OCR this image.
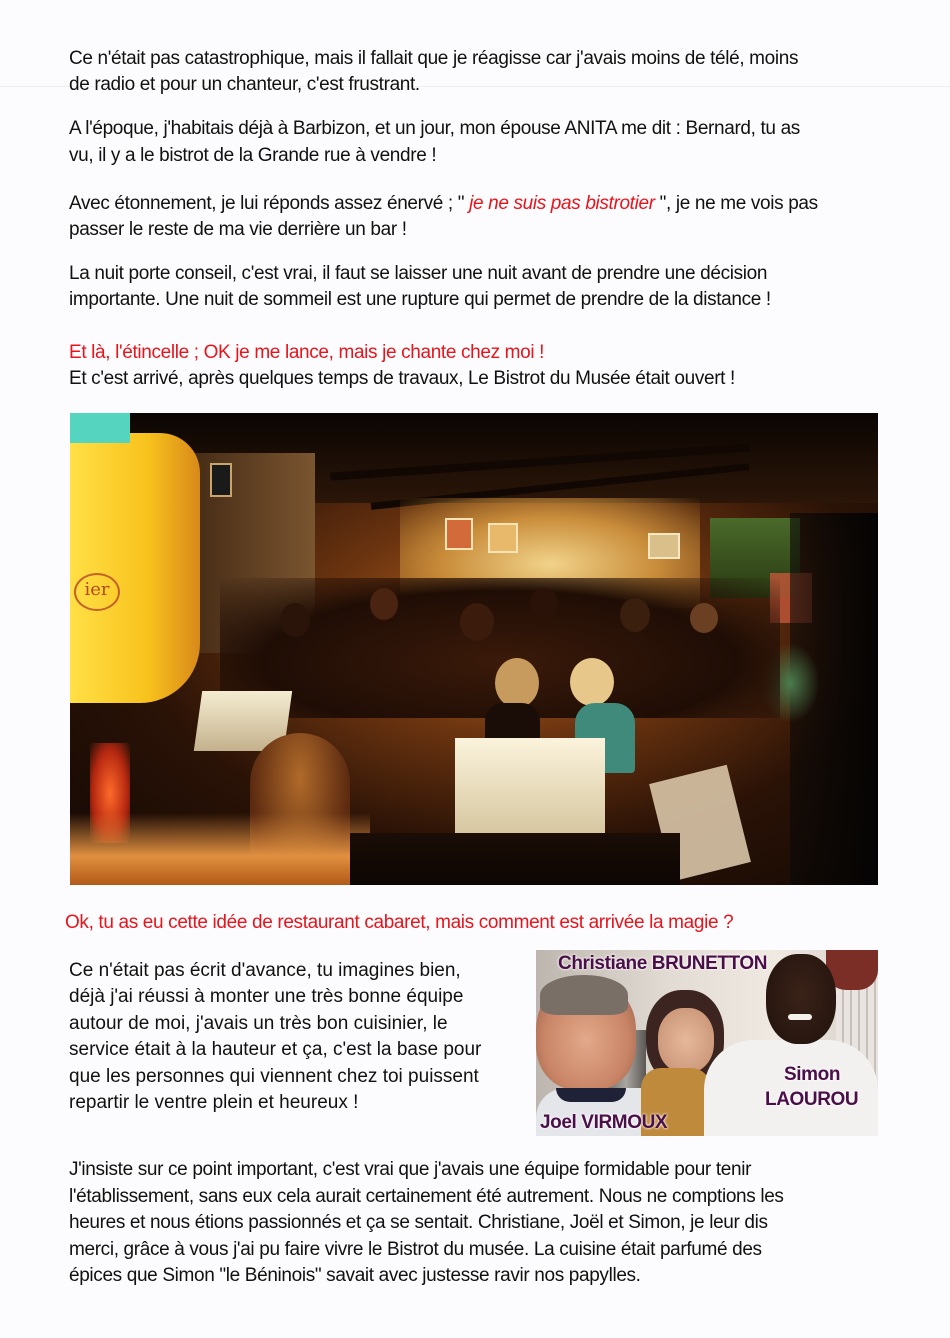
Ce n'était pas catastrophique, mais il fallait que je réagisse car j'avais moins de télé, moins

de radio et pour un chanteur, c'est frustrant.

A l'époque, j'habitais déjà à Barbizon, et un jour, mon épouse ANITA me dit : Bernard, tu as

vu, il y a le bistrot de la Grande rue à vendre !

Avec étonnement, je lui réponds assez énervé ; " je ne suis pas bistrotier ", je ne me vois pas

passer le reste de ma vie derrière un bar !

La nuit porte conseil, c'est vrai, il faut se laisser une nuit avant de prendre une décision

importante. Une nuit de sommeil est une rupture qui permet de prendre de la distance !

Et là, l'étincelle ; OK je me lance, mais je chante chez moi !

Et c'est arrivé, après quelques temps de travaux, Le Bistrot du Musée était ouvert !

ier

Ok, tu as eu cette idée de restaurant cabaret, mais comment est arrivée la magie ?

Ce n'était pas écrit d'avance, tu imagines bien,

déjà j'ai réussi à monter une très bonne équipe

autour de moi, j'avais un très bon cuisinier, le

service était à la hauteur et ça, c'est la base pour

que les personnes qui viennent chez toi puissent

repartir le ventre plein et heureux !

Christiane BRUNETTON
Simon
LAOUROU
Joel VIRMOUX

J'insiste sur ce point important, c'est vrai que j'avais une équipe formidable pour tenir

l'établissement, sans eux cela aurait certainement été autrement. Nous ne comptions les

heures et nous étions passionnés et ça se sentait. Christiane, Joël et Simon, je leur dis

merci, grâce à vous j'ai pu faire vivre le Bistrot du musée. La cuisine était parfumé des

épices que Simon "le Béninois" savait avec justesse ravir nos papylles.
